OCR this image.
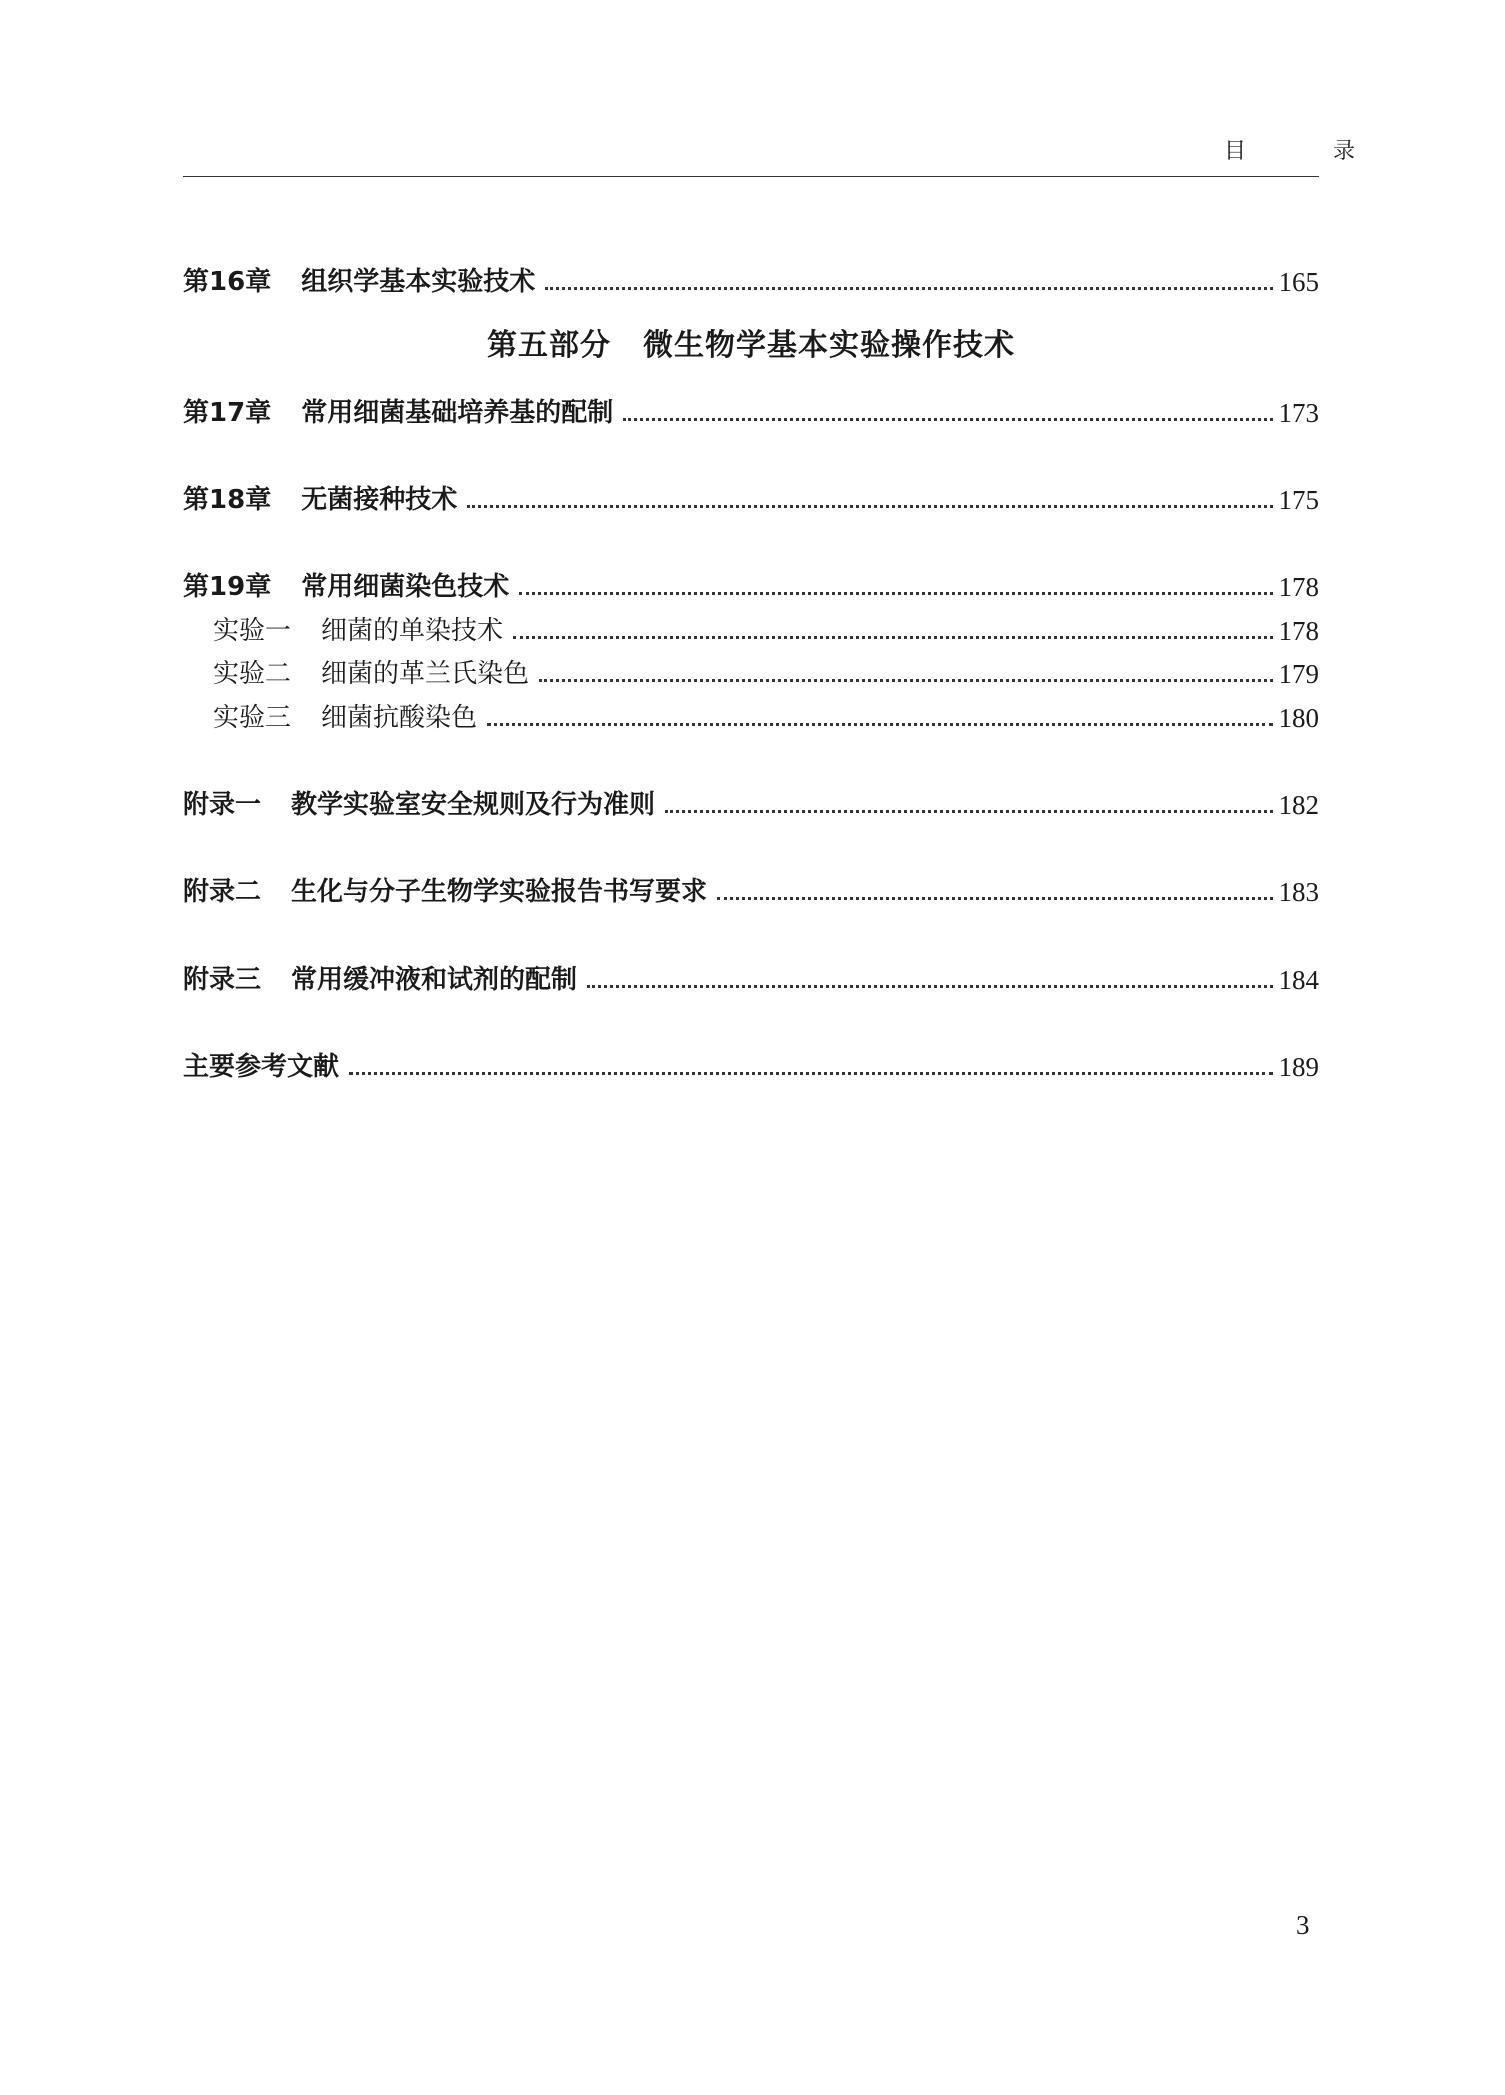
目 录
第16章 组织学基本实验技术	165
第五部分 微生物学基本实验操作技术
第17章 常用细菌基础培养基的配制	173
第18章 无菌接种技术	175
第19章 常用细菌染色技术	178
实验一 细菌的单染技术	178
实验二 细菌的革兰氏染色	179
实验三 细菌抗酸染色	180
附录一 教学实验室安全规则及行为准则	182
附录二 生化与分子生物学实验报告书写要求	183
附录三 常用缓冲液和试剂的配制	184
主要参考文献	189
3
